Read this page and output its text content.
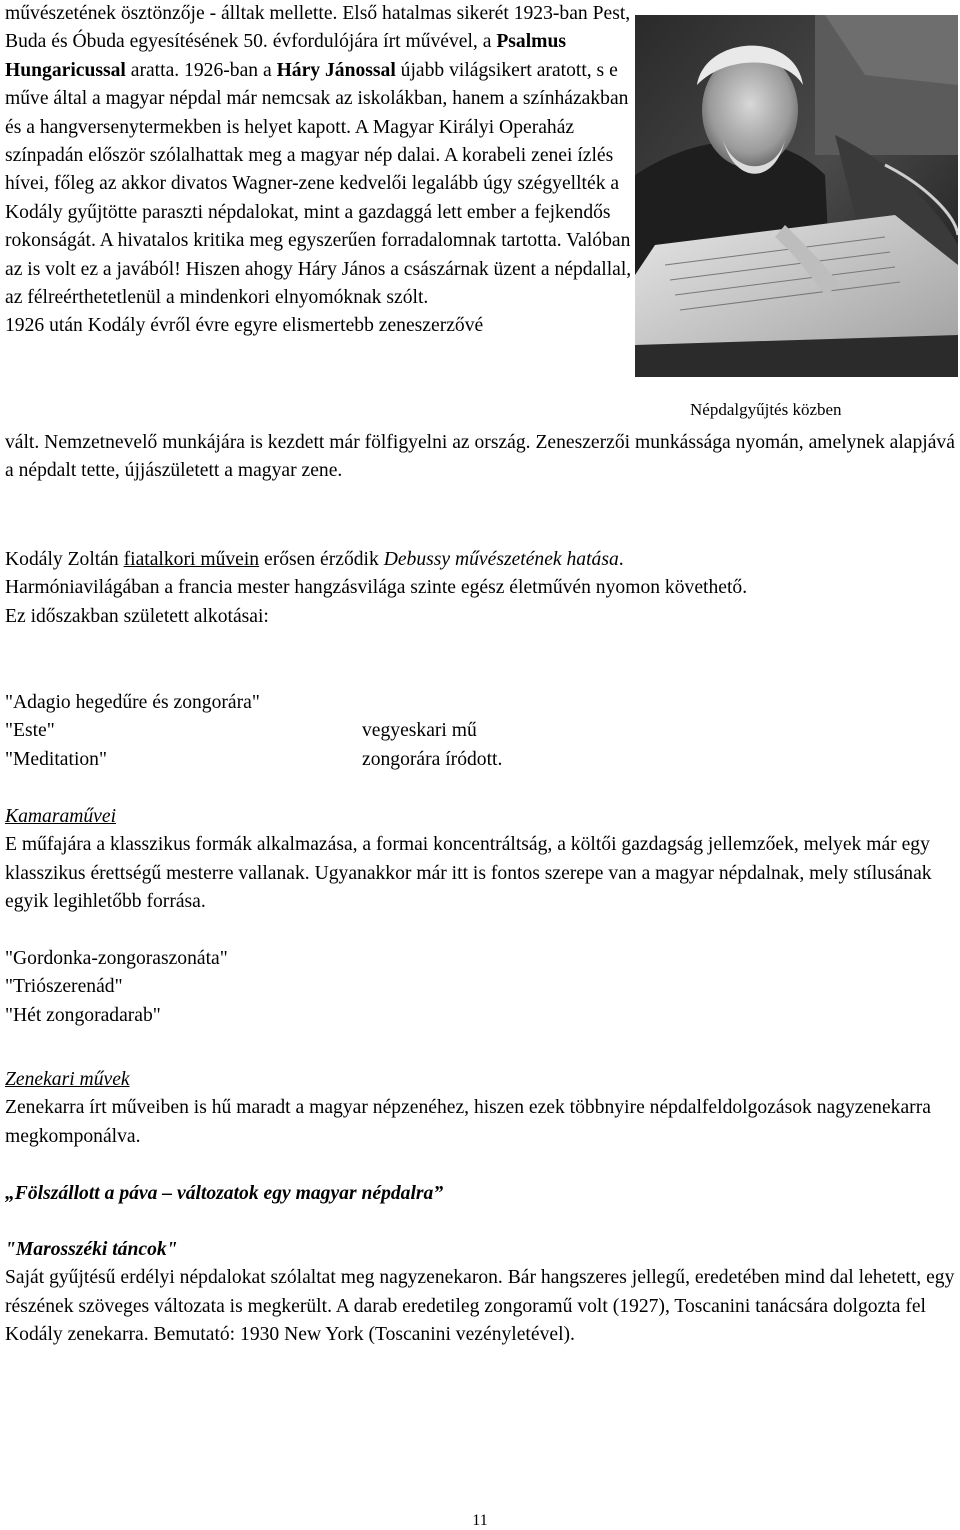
művészetének ösztönzője - álltak mellette. Első hatalmas sikerét 1923-ban Pest, Buda és Óbuda egyesítésének 50. évfordulójára írt művével, a Psalmus Hungaricussal aratta. 1926-ban a Háry Jánossal újabb világsikert aratott, s e műve által a magyar népdal már nemcsak az iskolákban, hanem a színházakban és a hangversenytermekben is helyet kapott. A Magyar Királyi Operaház színpadán először szólalhattak meg a magyar nép dalai. A korabeli zenei ízlés hívei, főleg az akkor divatos Wagner-zene kedvelői legalább úgy szégyellték a Kodály gyűjtötte paraszti népdalokat, mint a gazdaggá lett ember a fejkendős rokonságát. A hivatalos kritika meg egyszerűen forradalomnak tartotta. Valóban az is volt ez a javából! Hiszen ahogy Háry János a császárnak üzent a népdallal, az félreérthetetlenül a mindenkori elnyomóknak szólt.

1926 után Kodály évről évre egyre elismertebb zeneszerzővé

Népdalgyűjtés közben

vált. Nemzetnevelő munkájára is kezdett már fölfigyelni az ország. Zeneszerzői munkássága nyomán, amelynek alapjává a népdalt tette, újjászületett a magyar zene.

Kodály Zoltán fiatalkori művein erősen érződik Debussy művészetének hatása.

Harmóniavilágában a francia mester hangzásvilága szinte egész életművén nyomon követhető.

Ez időszakban született alkotásai:

"Adagio hegedűre és zongorára"
"Este"	vegyeskari mű
"Meditation"	zongorára íródott.

Kamaraművei

E műfajára a klasszikus formák alkalmazása, a formai koncentráltság, a költői gazdagság jellemzőek, melyek már egy klasszikus érettségű mesterre vallanak. Ugyanakkor már itt is fontos szerepe van a magyar népdalnak, mely stílusának egyik legihletőbb forrása.

"Gordonka-zongoraszonáta"

"Triószerenád"

"Hét zongoradarab"

Zenekari művek

Zenekarra írt műveiben is hű maradt a magyar népzenéhez, hiszen ezek többnyire népdalfeldolgozások nagyzenekarra megkomponálva.

„Fölszállott a páva – változatok egy magyar népdalra”

"Marosszéki táncok"

Saját gyűjtésű erdélyi népdalokat szólaltat meg nagyzenekaron. Bár hangszeres jellegű, eredetében mind dal lehetett, egy részének szöveges változata is megkerült. A darab eredetileg zongoramű volt (1927), Toscanini tanácsára dolgozta fel Kodály zenekarra. Bemutató: 1930 New York (Toscanini vezényletével).

11
